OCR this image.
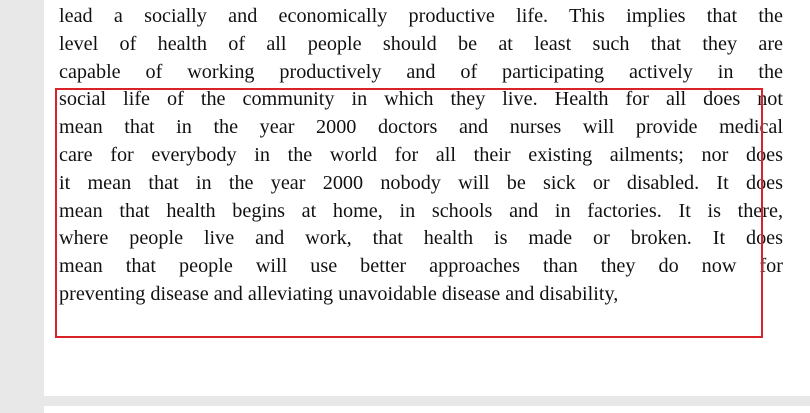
lead a socially and economically productive life. This implies that the
level of health of all people should be at least such that they are
capable of working productively and of participating actively in the
social life of the community in which they live. Health for all does not
mean that in the year 2000 doctors and nurses will provide medical
care for everybody in the world for all their existing ailments; nor does
it mean that in the year 2000 nobody will be sick or disabled. It does
mean that health begins at home, in schools and in factories. It is there,
where people live and work, that health is made or broken. It does
mean that people will use better approaches than they do now for
preventing disease and alleviating unavoidable disease and disability,
